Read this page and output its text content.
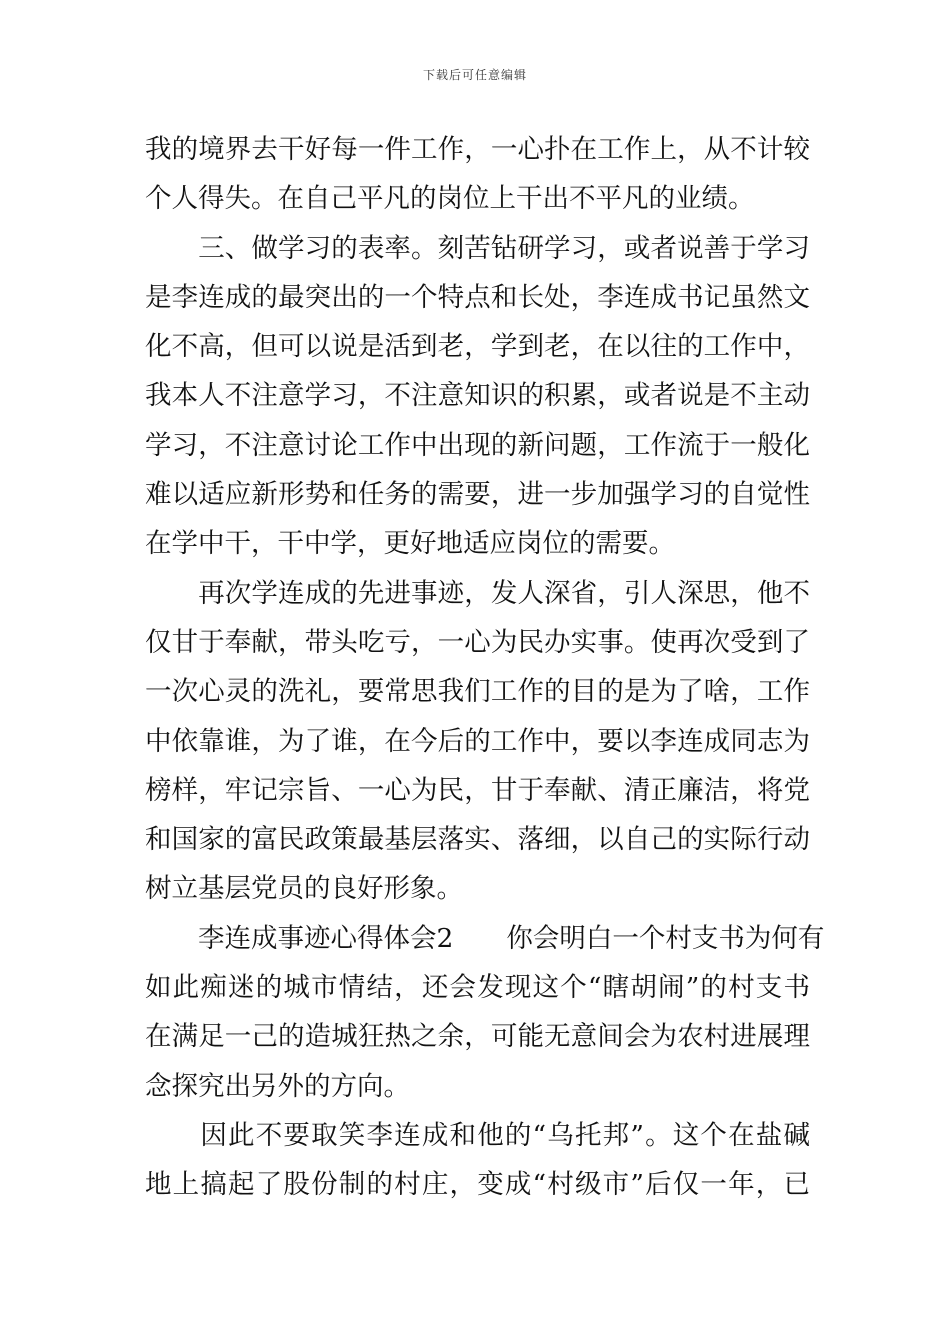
下载后可任意编辑
我的境界去干好每一件工作，一心扑在工作上，从不计较
个人得失。在自己平凡的岗位上干出不平凡的业绩。
　　三、做学习的表率。刻苦钻研学习，或者说善于学习
是李连成的最突出的一个特点和长处，李连成书记虽然文
化不高，但可以说是活到老，学到老，在以往的工作中，
我本人不注意学习，不注意知识的积累，或者说是不主动
学习，不注意讨论工作中出现的新问题，工作流于一般化
难以适应新形势和任务的需要，进一步加强学习的自觉性
在学中干，干中学，更好地适应岗位的需要。
　　再次学连成的先进事迹，发人深省，引人深思，他不
仅甘于奉献，带头吃亏，一心为民办实事。使再次受到了
一次心灵的洗礼，要常思我们工作的目的是为了啥，工作
中依靠谁，为了谁，在今后的工作中，要以李连成同志为
榜样，牢记宗旨、一心为民，甘于奉献、清正廉洁，将党
和国家的富民政策最基层落实、落细，以自己的实际行动
树立基层党员的良好形象。
　　李连成事迹心得体会2　　你会明白一个村支书为何有
如此痴迷的城市情结，还会发现这个“瞎胡闹”的村支书
在满足一己的造城狂热之余，可能无意间会为农村进展理
念探究出另外的方向。
　　因此不要取笑李连成和他的“乌托邦”。这个在盐碱
地上搞起了股份制的村庄，变成“村级市”后仅一年，已
